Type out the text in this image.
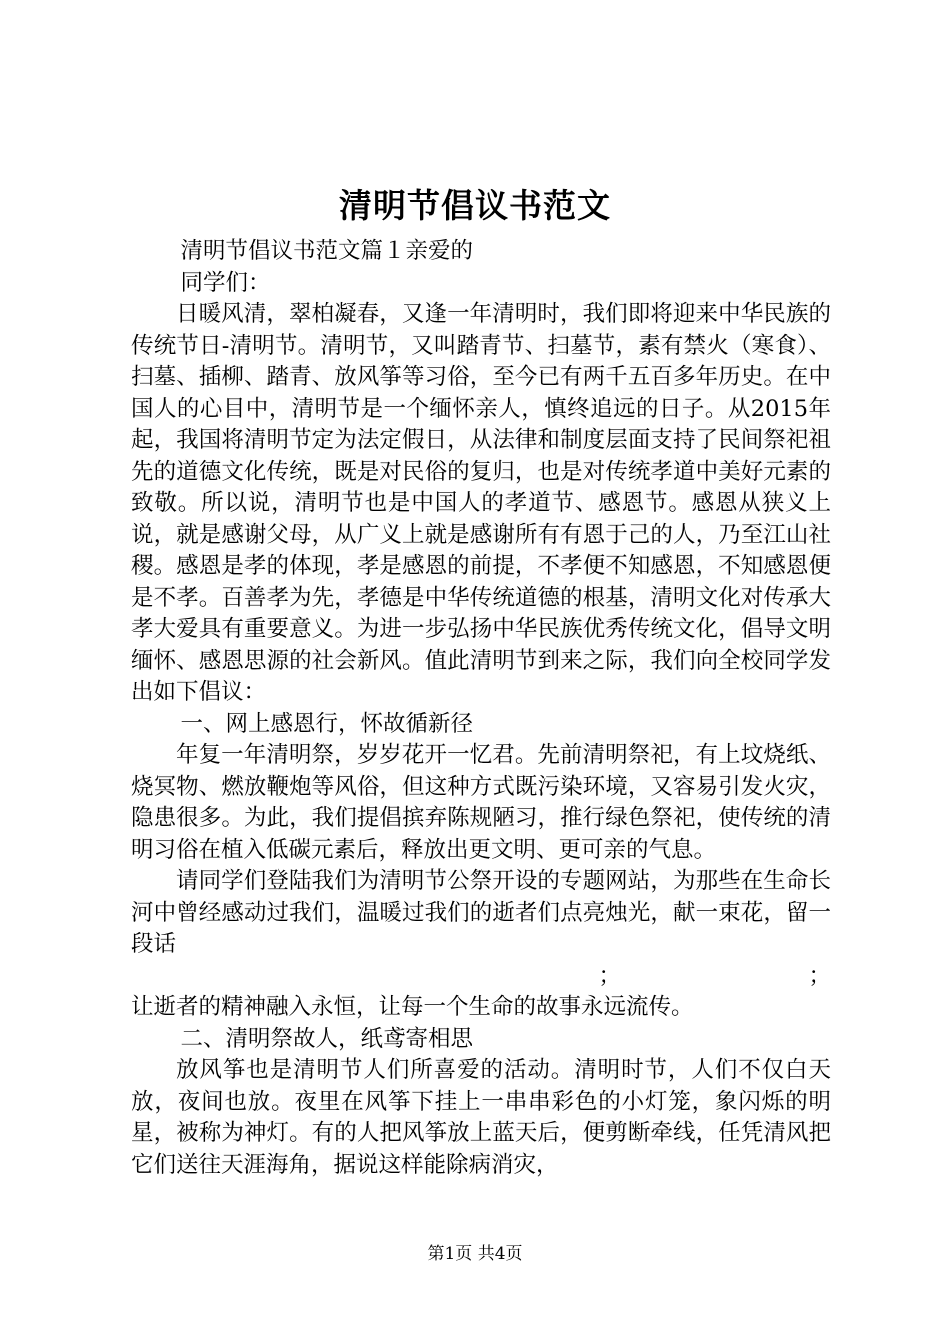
清明节倡议书范文

清明节倡议书范文篇１亲爱的

同学们：

日暖风清，翠柏凝春，又逢一年清明时，我们即将迎来中华民族的传统节日-清明节。清明节，又叫踏青节、扫墓节，素有禁火（寒食）、扫墓、插柳、踏青、放风筝等习俗，至今已有两千五百多年历史。在中国人的心目中，清明节是一个缅怀亲人，慎终追远的日子。从2015年起，我国将清明节定为法定假日，从法律和制度层面支持了民间祭祀祖先的道德文化传统，既是对民俗的复归，也是对传统孝道中美好元素的致敬。所以说，清明节也是中国人的孝道节、感恩节。感恩从狭义上说，就是感谢父母，从广义上就是感谢所有有恩于己的人，乃至江山社稷。感恩是孝的体现，孝是感恩的前提，不孝便不知感恩，不知感恩便是不孝。百善孝为先，孝德是中华传统道德的根基，清明文化对传承大孝大爱具有重要意义。为进一步弘扬中华民族优秀传统文化，倡导文明缅怀、感恩思源的社会新风。值此清明节到来之际，我们向全校同学发出如下倡议：

一、网上感恩行，怀故循新径

年复一年清明祭，岁岁花开一忆君。先前清明祭祀，有上坟烧纸、烧冥物、燃放鞭炮等风俗，但这种方式既污染环境，又容易引发火灾，隐患很多。为此，我们提倡摈弃陈规陋习，推行绿色祭祀，使传统的清明习俗在植入低碳元素后，释放出更文明、更可亲的气息。

请同学们登陆我们为清明节公祭开设的专题网站，为那些在生命长河中曾经感动过我们，温暖过我们的逝者们点亮烛光，献一束花，留一段话

；	；

让逝者的精神融入永恒，让每一个生命的故事永远流传。

二、清明祭故人，纸鸢寄相思

放风筝也是清明节人们所喜爱的活动。清明时节，人们不仅白天放，夜间也放。夜里在风筝下挂上一串串彩色的小灯笼，象闪烁的明星，被称为神灯。有的人把风筝放上蓝天后，便剪断牵线，任凭清风把它们送往天涯海角，据说这样能除病消灾，

第1页 共4页
